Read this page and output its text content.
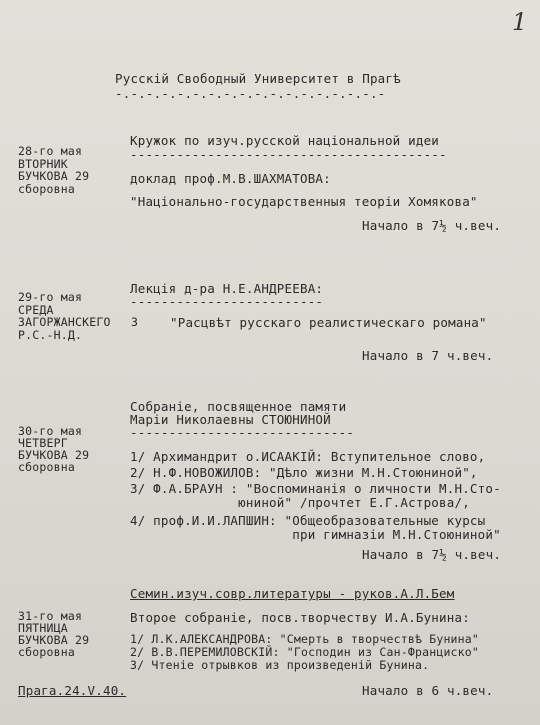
1
Русскій Свободный Университет в Прагѣ
-.-.-.-.-.-.-.-.-.-.-.-.-.-.-.-.-.-
28-го мая
ВТОРНИК
БУЧКОВА 29
сборовна
Кружок по изуч.русской національной идеи
-----------------------------------------
доклад проф.М.В.ШАХМАТОВА:
"Національно-государственныя теоріи Хомякова"
Начало в 7½ ч.веч.
29-го мая
СРЕДА
ЗАГОРЖАНСКЕГО
Р.С.-Н.Д.
3
Лекція д-ра Н.Е.АНДРЕЕВА:
-------------------------
"Расцвѣт русскаго реалистическаго романа"
Начало в 7 ч.веч.
30-го мая
ЧЕТВЕРГ
БУЧКОВА 29
сборовна
Собраніе, посвященное памяти
Маріи Николаевны СТОЮНИНОЙ
-----------------------------
1/ Архимандрит о.ИСААКІЙ: Вступительное слово,
2/ Н.Ф.НОВОЖИЛОВ: "Дѣло жизни М.Н.Стоюниной",
3/ Ф.А.БРАУН : "Воспоминанія о личности М.Н.Сто-
юниной" /прочтет Е.Г.Астрова/,
4/ проф.И.И.ЛАПШИН: "Общеобразовательные курсы
при гимназіи М.Н.Стоюниной"
Начало в 7½ ч.веч.
Семин.изуч.совр.литературы - руков.А.Л.Бем
31-го мая
ПЯТНИЦА
БУЧКОВА 29
сборовна
Второе собраніе, посв.творчеству И.А.Бунина:
1/ Л.К.АЛЕКСАНДРОВА: "Смерть в творчествѣ Бунина"
2/ В.В.ПЕРЕМИЛОВСКІЙ: "Господин из Сан-Франциско"
3/ Чтеніе отрывков из произведеній Бунина.
Начало в 6 ч.веч.
Прага.24.V.40.
